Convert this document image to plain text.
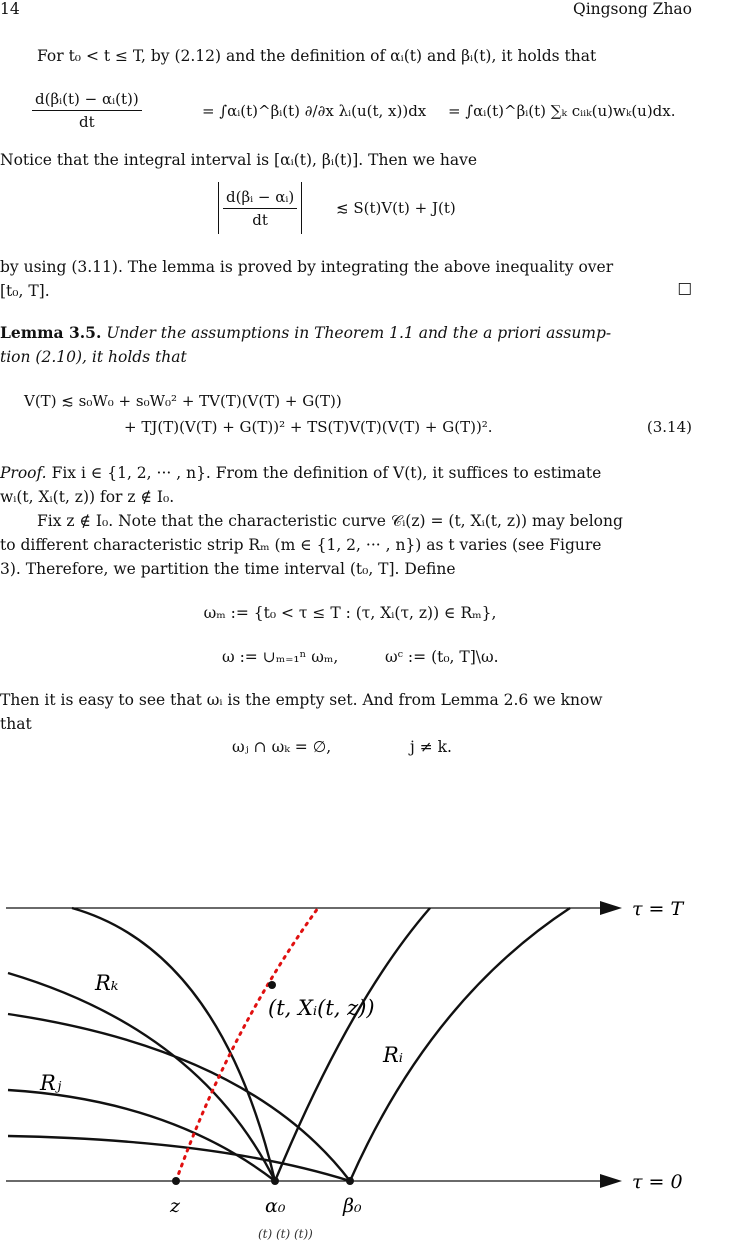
14	Qingsong Zhao
For t₀ < t ≤ T, by (2.12) and the definition of αᵢ(t) and βᵢ(t), it holds that
$\frac{\text{d(βᵢ(t) − αᵢ(t))}}{dt}$	= ∫αᵢ(t)^βᵢ(t) ∂/∂x λᵢ(u(t, x))dx = ∫αᵢ(t)^βᵢ(t) ∑ₖ cᵢᵢₖ(u)wₖ(u)dx.
Notice that the integral interval is [αᵢ(t), βᵢ(t)]. Then we have
$\frac{\text{d(βᵢ − αᵢ)}}{dt}$	≲ S(t)V(t) + J(t)
by using (3.11). The lemma is proved by integrating the above inequality over
[t₀, T].	□
Lemma 3.5. Under the assumptions in Theorem 1.1 and the a priori assump-
tion (2.10), it holds that
V(T) ≲ s₀W₀ + s₀W₀² + TV(T)(V(T) + G(T))
+ TJ(T)(V(T) + G(T))² + TS(T)V(T)(V(T) + G(T))².	(3.14)
Proof. Fix i ∈ {1, 2, ··· , n}. From the definition of V(t), it suffices to estimate
wᵢ(t, Xᵢ(t, z)) for z ∉ I₀.
Fix z ∉ I₀. Note that the characteristic curve 𝒞ᵢ(z) = (t, Xᵢ(t, z)) may belong
to different characteristic strip Rₘ (m ∈ {1, 2, ··· , n}) as t varies (see Figure
3). Therefore, we partition the time interval (t₀, T]. Define
ωₘ := {t₀ < τ ≤ T : (τ, Xᵢ(τ, z)) ∈ Rₘ},
ω := ∪ₘ₌₁ⁿ ωₘ,	ωᶜ := (t₀, T]\ω.
Then it is easy to see that ωᵢ is the empty set. And from Lemma 2.6 we know
that
ωⱼ ∩ ωₖ = ∅,	j ≠ k.
τ = T
τ = 0
Rₖ
Rⱼ
Rᵢ
(t, Xᵢ(t, z))
z	α₀	β₀
(t) (t) (t))
